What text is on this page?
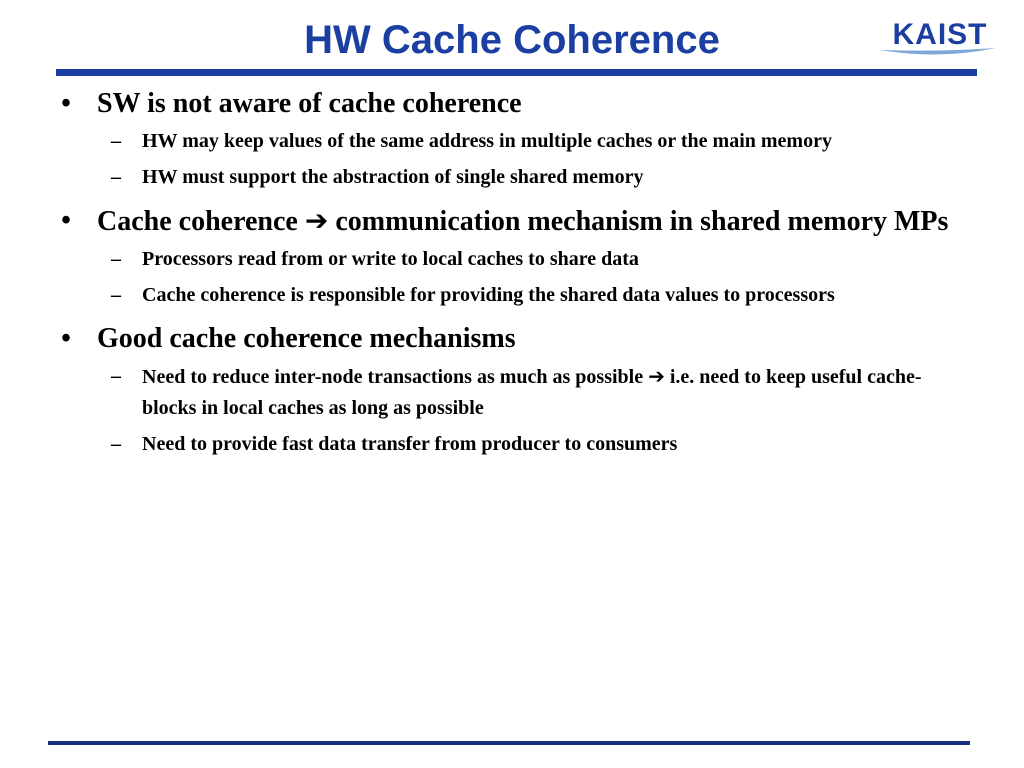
HW Cache Coherence	KAIST
• SW is not aware of cache coherence
– HW may keep values of the same address in multiple caches or the main memory
– HW must support the abstraction of single shared memory
• Cache coherence ➔ communication mechanism in shared memory MPs
– Processors read from or write to local caches to share data
– Cache coherence is responsible for providing the shared data values to processors
• Good cache coherence mechanisms
– Need to reduce inter-node transactions as much as possible ➔ i.e. need to keep useful cache-blocks in local caches as long as possible
– Need to provide fast data transfer from producer to consumers
